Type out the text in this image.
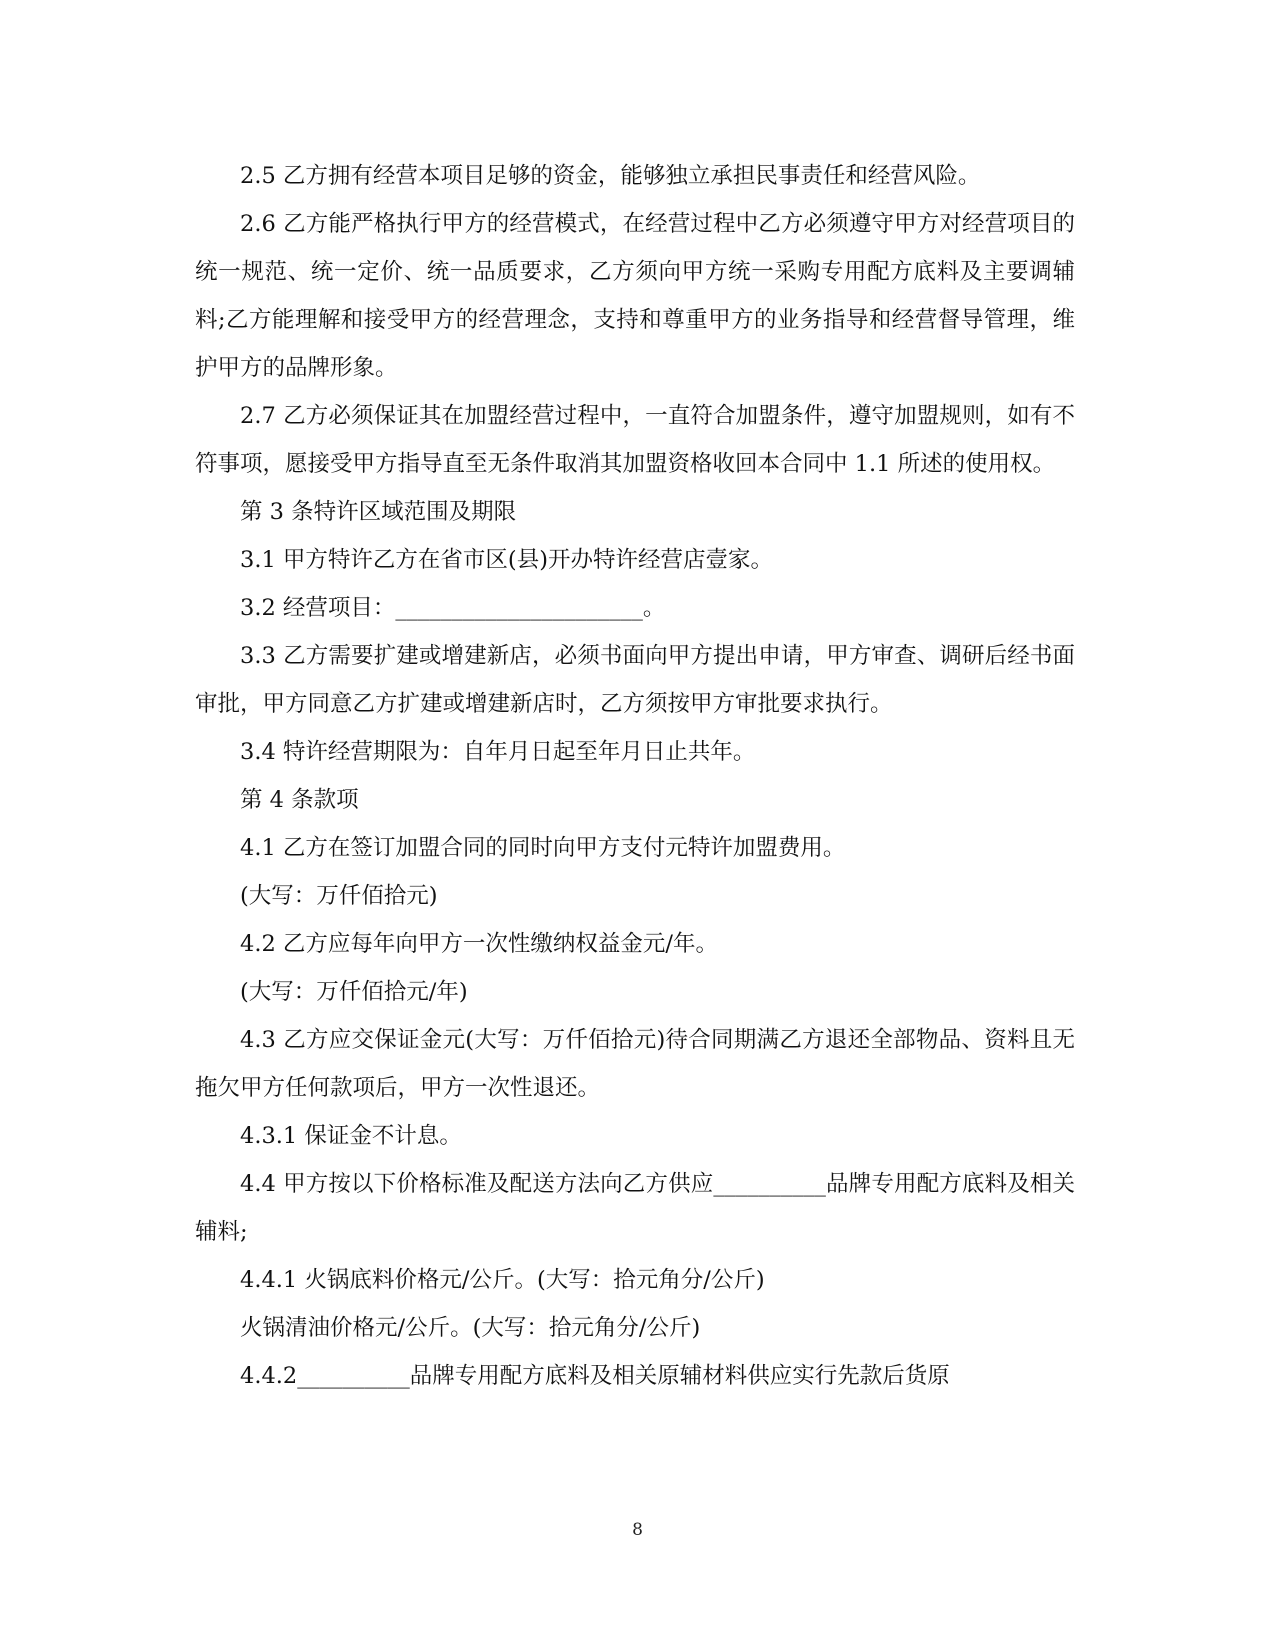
2.5 乙方拥有经营本项目足够的资金，能够独立承担民事责任和经营风险。

2.6 乙方能严格执行甲方的经营模式，在经营过程中乙方必须遵守甲方对经营项目的统一规范、统一定价、统一品质要求，乙方须向甲方统一采购专用配方底料及主要调辅料;乙方能理解和接受甲方的经营理念，支持和尊重甲方的业务指导和经营督导管理，维护甲方的品牌形象。

2.7 乙方必须保证其在加盟经营过程中，一直符合加盟条件，遵守加盟规则，如有不符事项，愿接受甲方指导直至无条件取消其加盟资格收回本合同中 1.1 所述的使用权。

第 3 条特许区域范围及期限

3.1 甲方特许乙方在省市区(县)开办特许经营店壹家。

3.2 经营项目：______________________。

3.3 乙方需要扩建或增建新店，必须书面向甲方提出申请，甲方审查、调研后经书面审批，甲方同意乙方扩建或增建新店时，乙方须按甲方审批要求执行。

3.4 特许经营期限为：自年月日起至年月日止共年。

第 4 条款项

4.1 乙方在签订加盟合同的同时向甲方支付元特许加盟费用。

(大写：万仟佰拾元)

4.2 乙方应每年向甲方一次性缴纳权益金元/年。

(大写：万仟佰拾元/年)

4.3 乙方应交保证金元(大写：万仟佰拾元)待合同期满乙方退还全部物品、资料且无拖欠甲方任何款项后，甲方一次性退还。

4.3.1 保证金不计息。

4.4 甲方按以下价格标准及配送方法向乙方供应__________品牌专用配方底料及相关辅料;

4.4.1 火锅底料价格元/公斤。(大写：拾元角分/公斤)

火锅清油价格元/公斤。(大写：拾元角分/公斤)

4.4.2__________品牌专用配方底料及相关原辅材料供应实行先款后货原

8
